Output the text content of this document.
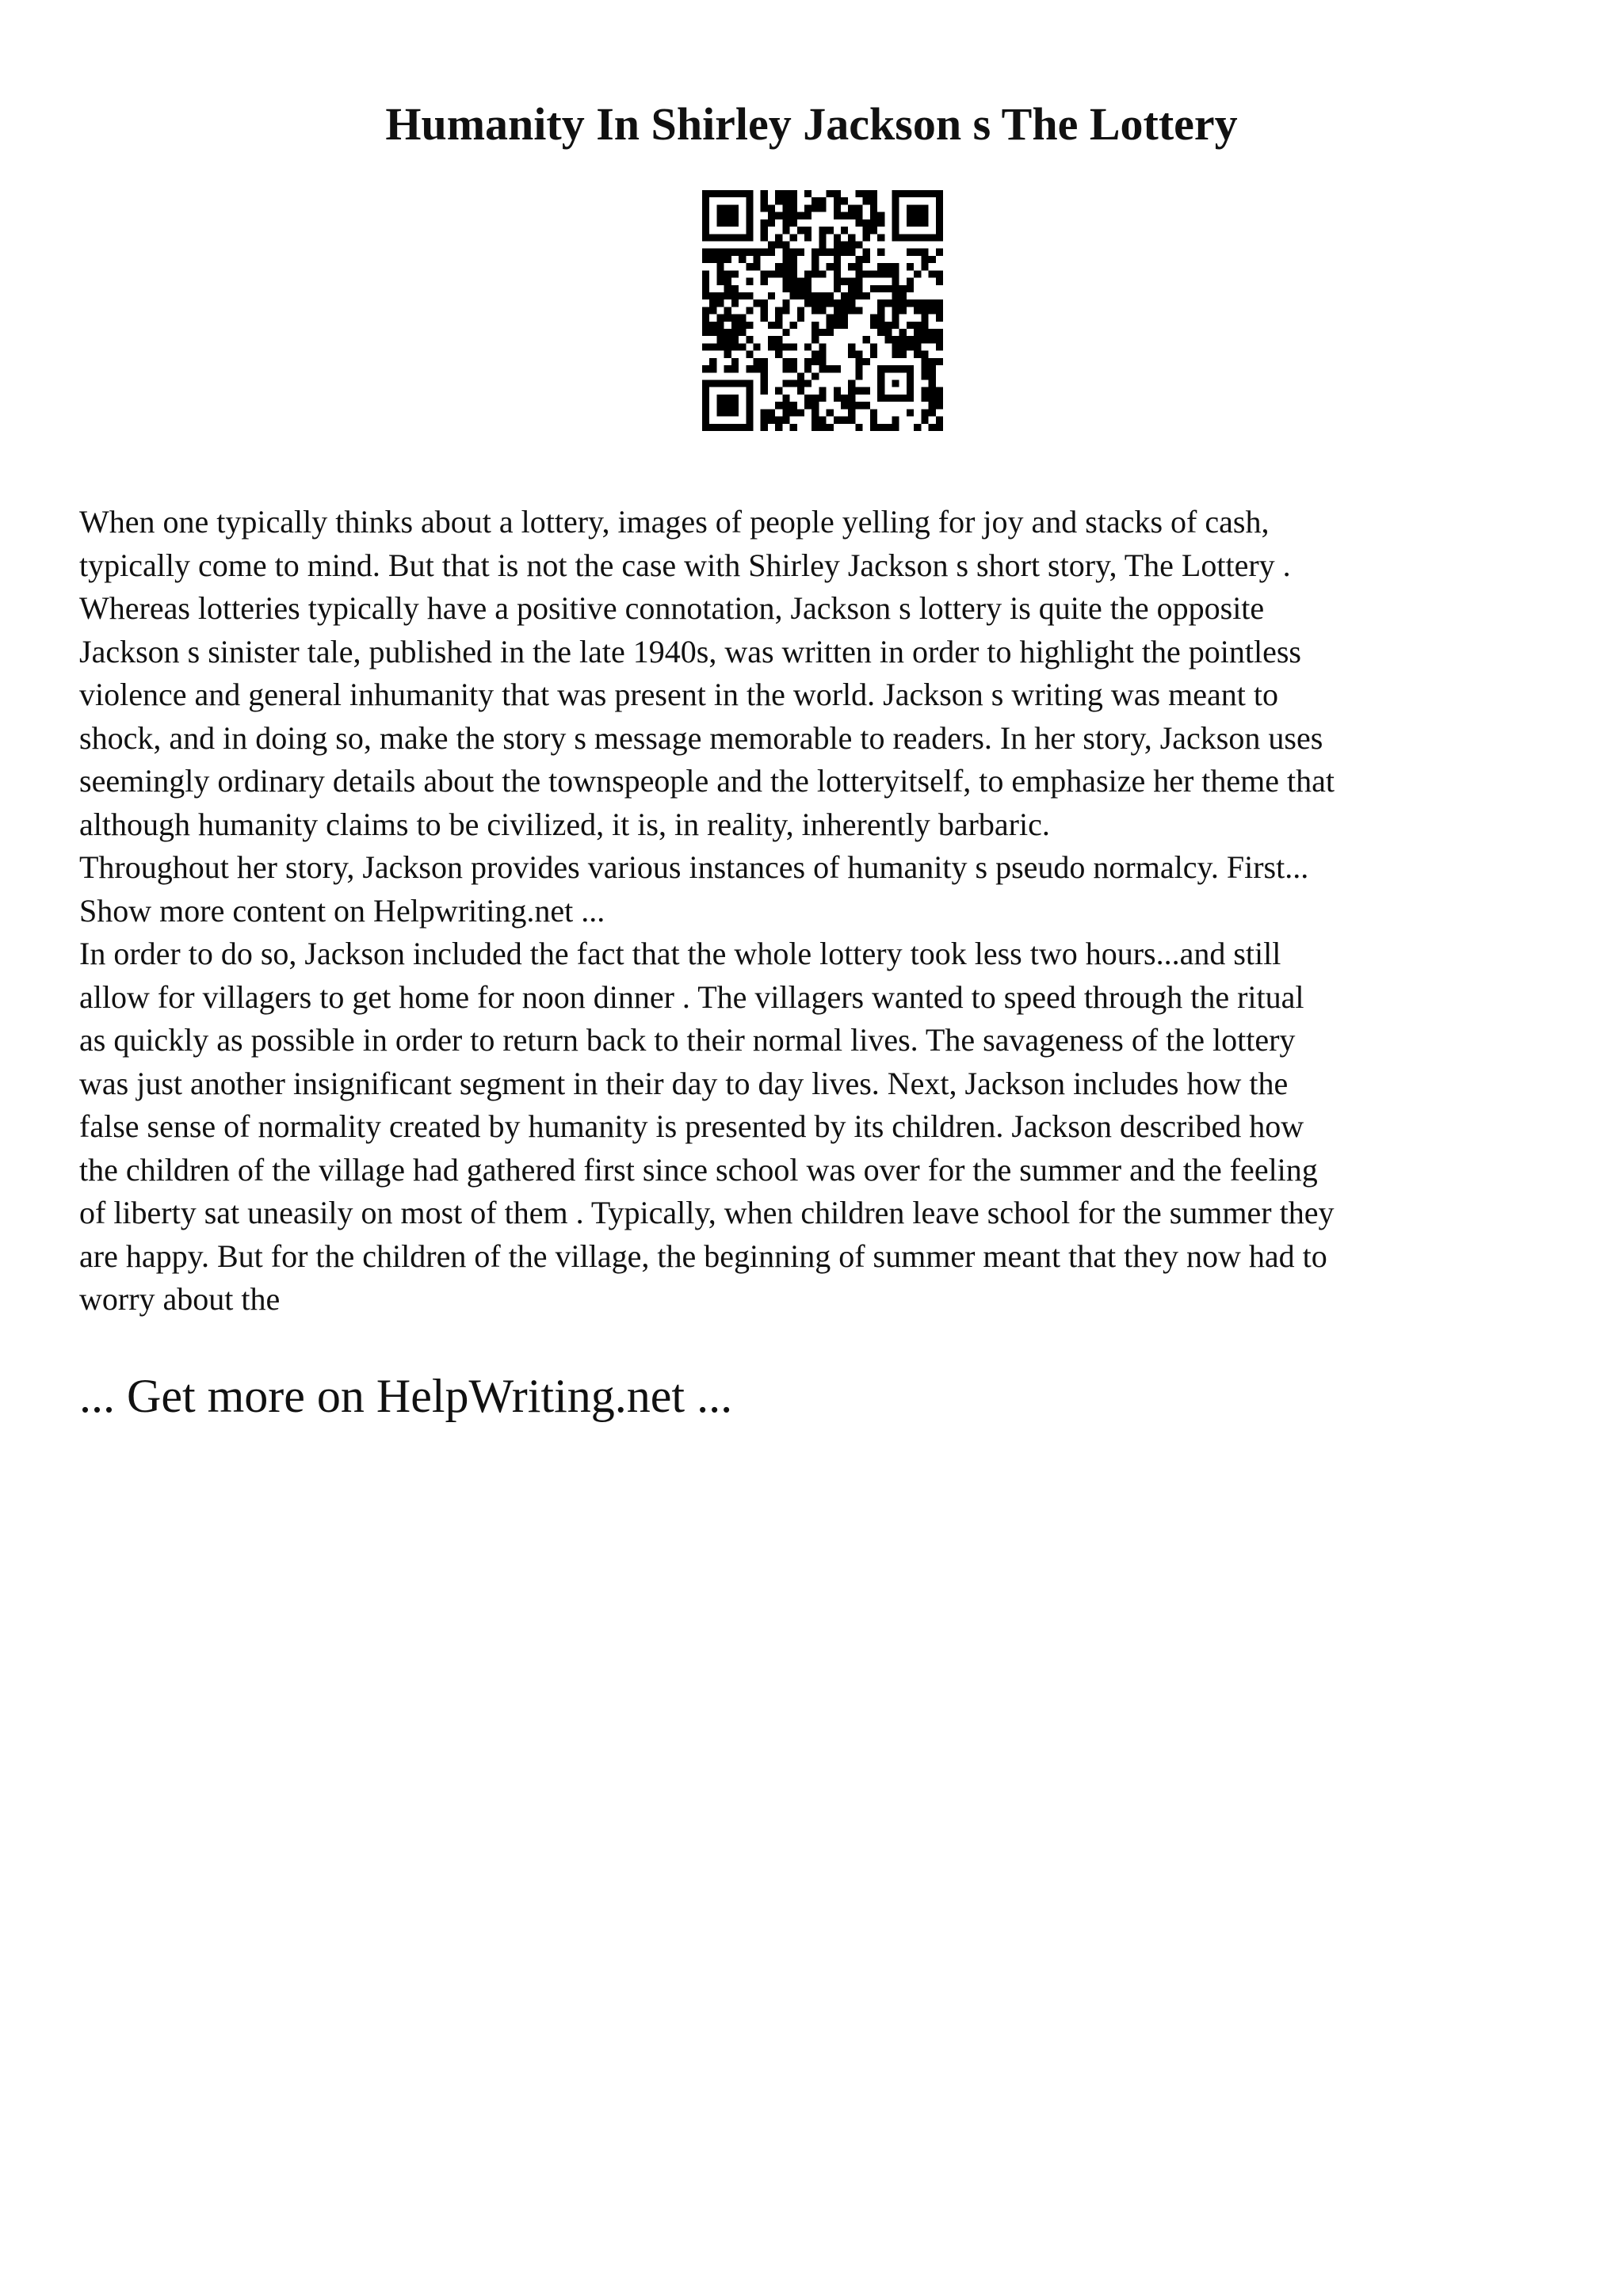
Humanity In Shirley Jackson s The Lottery
When one typically thinks about a lottery, images of people yelling for joy and stacks of cash,
typically come to mind. But that is not the case with Shirley Jackson s short story, The Lottery .
Whereas lotteries typically have a positive connotation, Jackson s lottery is quite the opposite
Jackson s sinister tale, published in the late 1940s, was written in order to highlight the pointless
violence and general inhumanity that was present in the world. Jackson s writing was meant to
shock, and in doing so, make the story s message memorable to readers. In her story, Jackson uses
seemingly ordinary details about the townspeople and the lotteryitself, to emphasize her theme that
although humanity claims to be civilized, it is, in reality, inherently barbaric.
Throughout her story, Jackson provides various instances of humanity s pseudo normalcy. First...
Show more content on Helpwriting.net ...
In order to do so, Jackson included the fact that the whole lottery took less two hours...and still
allow for villagers to get home for noon dinner . The villagers wanted to speed through the ritual
as quickly as possible in order to return back to their normal lives. The savageness of the lottery
was just another insignificant segment in their day to day lives. Next, Jackson includes how the
false sense of normality created by humanity is presented by its children. Jackson described how
the children of the village had gathered first since school was over for the summer and the feeling
of liberty sat uneasily on most of them . Typically, when children leave school for the summer they
are happy. But for the children of the village, the beginning of summer meant that they now had to
worry about the
... Get more on HelpWriting.net ...
